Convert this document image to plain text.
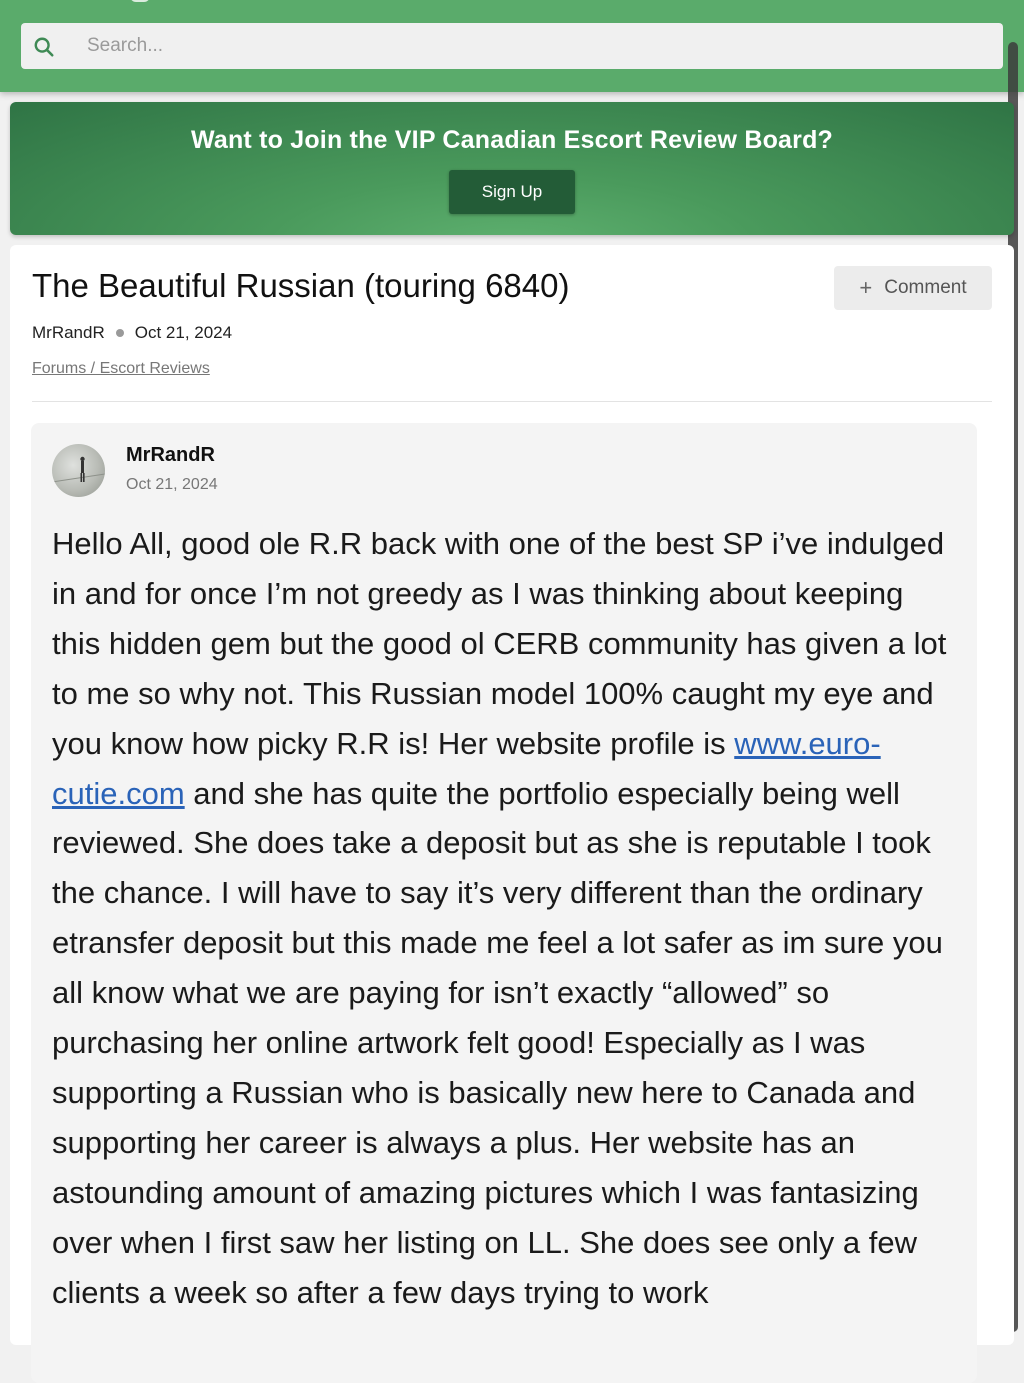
Search...
Want to Join the VIP Canadian Escort Review Board?
Sign Up
The Beautiful Russian (touring 6840)	+ Comment
MrRandR Oct 21, 2024
Forums / Escort Reviews
MrRandR
Oct 21, 2024
Hello All, good ole R.R back with one of the best SP i’ve indulged in and for once I’m not greedy as I was thinking about keeping this hidden gem but the good ol CERB community has given a lot to me so why not. This Russian model 100% caught my eye and you know how picky R.R is! Her website profile is www.euro-cutie.com and she has quite the portfolio especially being well reviewed. She does take a deposit but as she is reputable I took the chance. I will have to say it’s very different than the ordinary etransfer deposit but this made me feel a lot safer as im sure you all know what we are paying for isn’t exactly “allowed” so purchasing her online artwork felt good! Especially as I was supporting a Russian who is basically new here to Canada and supporting her career is always a plus. Her website has an astounding amount of amazing pictures which I was fantasizing over when I first saw her listing on LL. She does see only a few clients a week so after a few days trying to work
